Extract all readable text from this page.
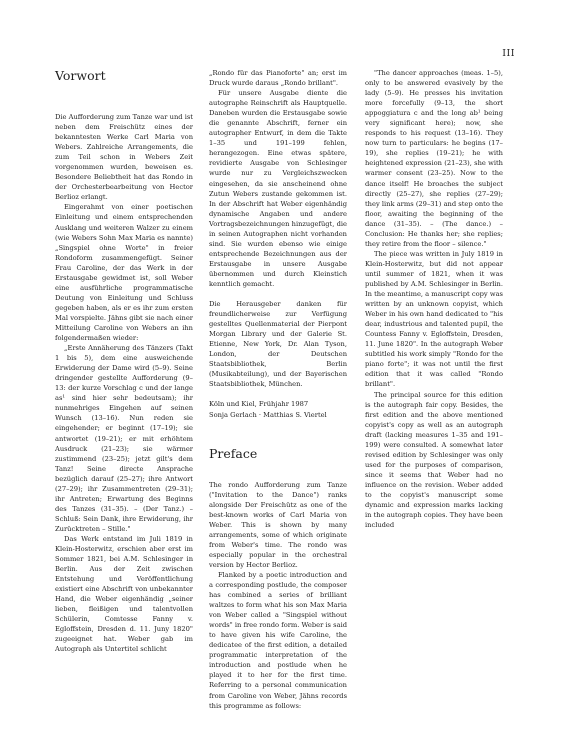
III
Vorwort

Die Aufforderung zum Tanze war und ist neben dem Freischütz eines der bekanntesten Werke Carl Maria von Webers. Zahlreiche Arrangements, die zum Teil schon in Webers Zeit vorgenommen wurden, beweisen es. Besondere Beliebtheit hat das Rondo in der Orchesterbearbeitung von Hector Berlioz erlangt.

Eingerahmt von einer poetischen Einleitung und einem entsprechenden Ausklang und weiteren Walzer zu einem (wie Webers Sohn Max Maria es nannte) „Singspiel ohne Worte" in freier Rondoform zusammengefügt. Seiner Frau Caroline, der das Werk in der Erstausgabe gewidmet ist, soll Weber eine ausführliche programmatische Deutung von Einleitung und Schluss gegeben haben, als er es ihr zum ersten Mal vorspielte. Jähns gibt sie nach einer Mitteilung Caroline von Webers an ihn folgendermaßen wieder:

„Erste Annäherung des Tänzers (Takt 1 bis 5), dem eine ausweichende Erwiderung der Dame wird (5–9). Seine dringender gestellte Aufforderung (9–13: der kurze Vorschlag c und der lange as¹ sind hier sehr bedeutsam); ihr nunmehriges Eingehen auf seinen Wunsch (13–16). Nun reden sie eingehender; er beginnt (17–19); sie antwortet (19–21); er mit erhöhtem Ausdruck (21–23); sie wärmer zustimmend (23–25); jetzt gilt's dem Tanz! Seine directe Ansprache bezüglich darauf (25–27); ihre Antwort (27–29); ihr Zusammentreten (29–31); ihr Antreten; Erwartung des Beginns des Tanzes (31–35). – (Der Tanz.) – Schluß: Sein Dank, ihre Erwiderung, ihr Zurücktreten – Stille."

Das Werk entstand im Juli 1819 in Klein-Hosterwitz, erschien aber erst im Sommer 1821, bei A.M. Schlesinger in Berlin. Aus der Zeit zwischen Entstehung und Veröffentlichung existiert eine Abschrift von unbekannter Hand, die Weber eigenhändig „seiner lieben, fleißigen und talentvollen Schülerin, Comtesse Fanny v. Egloffstein, Dresden d. 11. Juny 1820" zugeeignet hat. Weber gab im Autograph als Untertitel schlicht

„Rondo für das Pianoforte" an; erst im Druck wurde daraus „Rondo brillant".

Für unsere Ausgabe diente die autographe Reinschrift als Hauptquelle. Daneben wurden die Erstausgabe sowie die genannte Abschrift, ferner ein autographer Entwurf, in dem die Takte 1–35 und 191–199 fehlen, herangezogen. Eine etwas spätere, revidierte Ausgabe von Schlesinger wurde nur zu Vergleichszwecken eingesehen, da sie anscheinend ohne Zutun Webers zustande gekommen ist. In der Abschrift hat Weber eigenhändig dynamische Angaben und andere Vortragsbezeichnungen hinzugefügt, die in seinen Autographen nicht vorhanden sind. Sie wurden ebenso wie einige entsprechende Bezeichnungen aus der Erstausgabe in unsere Ausgabe übernommen und durch Kleinstich kenntlich gemacht.

Die Herausgeber danken für freundlicherweise zur Verfügung gestelltes Quellenmaterial der Pierpont Morgan Library und der Galerie St. Etienne, New York, Dr. Alan Tyson, London, der Deutschen Staatsbibliothek, Berlin (Musikabteilung), und der Bayerischen Staatsbibliothek, München.

Köln und Kiel, Frühjahr 1987

Sonja Gerlach · Matthias S. Viertel

Preface

The rondo Aufforderung zum Tanze ("Invitation to the Dance") ranks alongside Der Freischütz as one of the best-known works of Carl Maria von Weber. This is shown by many arrangements, some of which originate from Weber's time. The rondo was especially popular in the orchestral version by Hector Berlioz.

Flanked by a poetic introduction and a corresponding postlude, the composer has combined a series of brilliant waltzes to form what his son Max Maria von Weber called a "Singspiel without words" in free rondo form. Weber is said to have given his wife Caroline, the dedicatee of the first edition, a detailed programmatic interpretation of the introduction and postlude when he played it to her for the first time. Referring to a personal communication from Caroline von Weber, Jähns records this programme as follows:

"The dancer approaches (meas. 1–5), only to be answered evasively by the lady (5–9). He presses his invitation more forcefully (9–13, the short appoggiatura c and the long ab¹ being very significant here); now, she responds to his request (13–16). They now turn to particulars: he begins (17–19), she replies (19–21); he with heightened expression (21–23), she with warmer consent (23–25). Now to the dance itself! He broaches the subject directly (25–27), she replies (27–29); they link arms (29–31) and step onto the floor, awaiting the beginning of the dance (31–35). – (The dance.) – Conclusion: He thanks her; she replies; they retire from the floor – silence."

The piece was written in July 1819 in Klein-Hosterwitz, but did not appear until summer of 1821, when it was published by A.M. Schlesinger in Berlin. In the meantime, a manuscript copy was written by an unknown copyist, which Weber in his own hand dedicated to "his dear, industrious and talented pupil, the Countess Fanny v. Egloffstein, Dresden, 11. June 1820". In the autograph Weber subtitled his work simply "Rondo for the piano forte"; it was not until the first edition that it was called "Rondo brillant".

The principal source for this edition is the autograph fair copy. Besides, the first edition and the above mentioned copyist's copy as well as an autograph draft (lacking measures 1–35 and 191–199) were consulted. A somewhat later revised edition by Schlesinger was only used for the purposes of comparison, since it seems that Weber had no influence on the revision. Weber added to the copyist's manuscript some dynamic and expression marks lacking in the autograph copies. They have been included
